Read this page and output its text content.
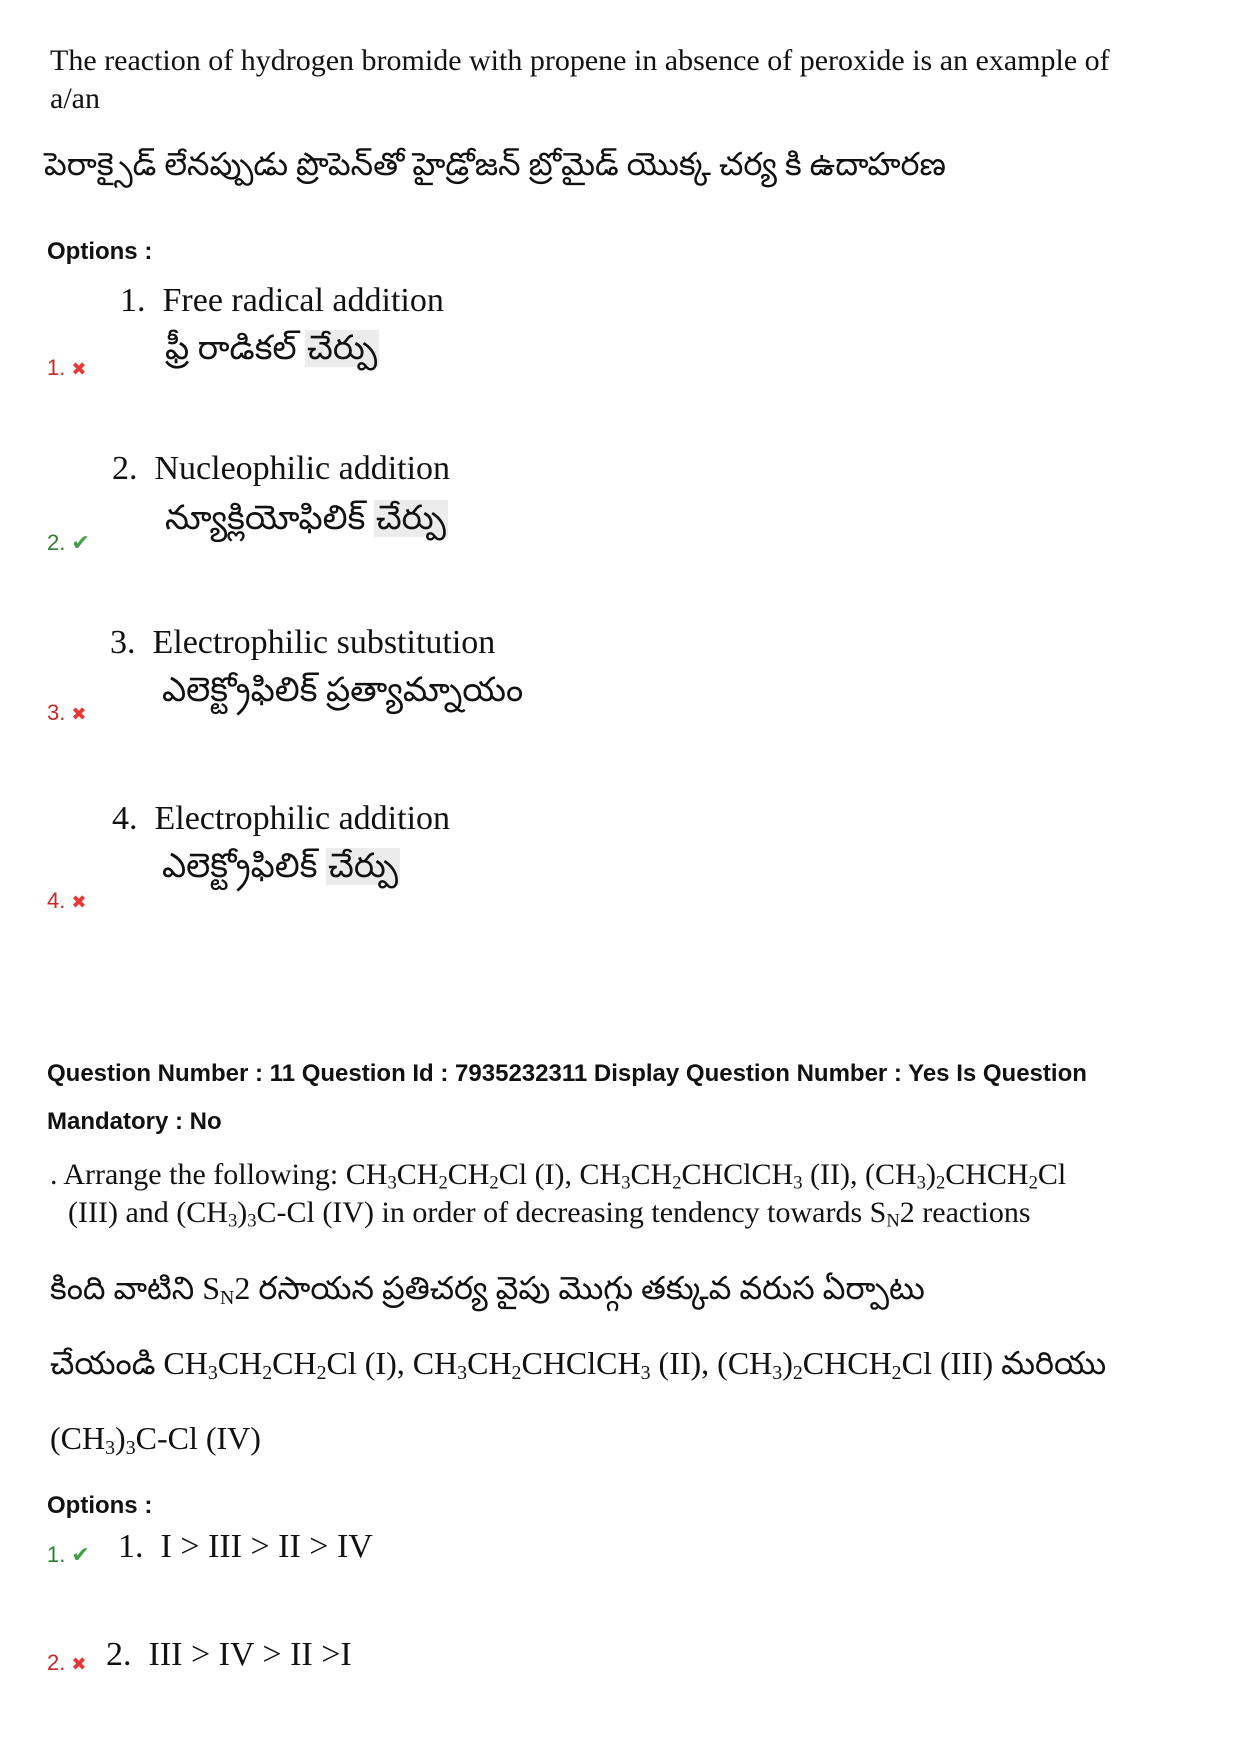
The reaction of hydrogen bromide with propene in absence of peroxide is an example of
a/an
పెరాక్సైడ్ లేనప్పుడు ప్రొపెన్‌తో హైడ్రోజన్ బ్రోమైడ్ యొక్క చర్య కి ఉదాహరణ
Options :
1. Free radical addition
ఫ్రీ రాడికల్ చేర్పు
1. ✖
2. Nucleophilic addition
న్యూక్లియోఫిలిక్ చేర్పు
2. ✔
3. Electrophilic substitution
ఎలెక్ట్రోఫిలిక్ ప్రత్యామ్నాయం
3. ✖
4. Electrophilic addition
ఎలెక్ట్రోఫిలిక్ చేర్పు
4. ✖
Question Number : 11 Question Id : 7935232311 Display Question Number : Yes Is Question
Mandatory : No
. Arrange the following: $CH_3CH_2CH_2Cl$ (I), $CH_3CH_2CHClCH_3$ (II), $(CH_3)_2CHCH_2Cl$
(III) and $(CH_3)_3C-Cl$ (IV) in order of decreasing tendency towards $S_N2$ reactions
కింది వాటిని $S_N2$ రసాయన ప్రతిచర్య వైపు మొగ్గు తక్కువ వరుస ఏర్పాటు
చేయండి $CH_3CH_2CH_2Cl$ (I), $CH_3CH_2CHClCH_3$ (II), $(CH_3)_2CHCH_2Cl$ (III) మరియు
$(CH_3)_3C-Cl$ (IV)
Options :
1. ✔ 1.  I > III > II > IV
2. ✖ 2.  III > IV > II >I
